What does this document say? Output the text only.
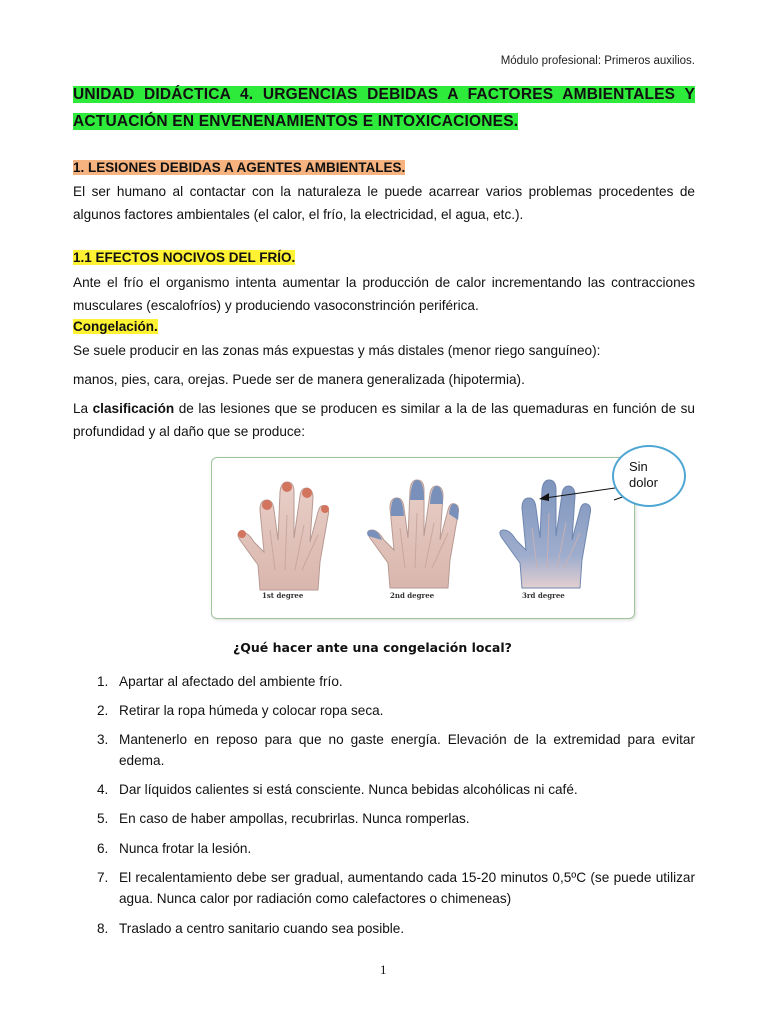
Módulo profesional: Primeros auxilios.
UNIDAD DIDÁCTICA 4. URGENCIAS DEBIDAS A FACTORES AMBIENTALES Y ACTUACIÓN EN ENVENENAMIENTOS E INTOXICACIONES.
1. LESIONES DEBIDAS A AGENTES AMBIENTALES.
El ser humano al contactar con la naturaleza le puede acarrear varios problemas procedentes de algunos factores ambientales (el calor, el frío, la electricidad, el agua, etc.).
1.1 EFECTOS NOCIVOS DEL FRÍO.
Ante el frío el organismo intenta aumentar la producción de calor incrementando las contracciones musculares (escalofríos) y produciendo vasoconstrinción periférica.
Congelación.
Se suele producir en las zonas más expuestas y más distales (menor riego sanguíneo):
manos, pies, cara, orejas. Puede ser de manera generalizada (hipotermia).
La clasificación de las lesiones que se producen es similar a la de las quemaduras en función de su profundidad y al daño que se produce:
1st degree	2nd degree	3rd degree
Sin
dolor
¿Qué hacer ante una congelación local?
1. Apartar al afectado del ambiente frío.
2. Retirar la ropa húmeda y colocar ropa seca.
3. Mantenerlo en reposo para que no gaste energía. Elevación de la extremidad para evitar edema.
4. Dar líquidos calientes si está consciente. Nunca bebidas alcohólicas ni café.
5. En caso de haber ampollas, recubrirlas. Nunca romperlas.
6. Nunca frotar la lesión.
7. El recalentamiento debe ser gradual, aumentando cada 15-20 minutos 0,5ºC (se puede utilizar agua. Nunca calor por radiación como calefactores o chimeneas)
8. Traslado a centro sanitario cuando sea posible.
1
